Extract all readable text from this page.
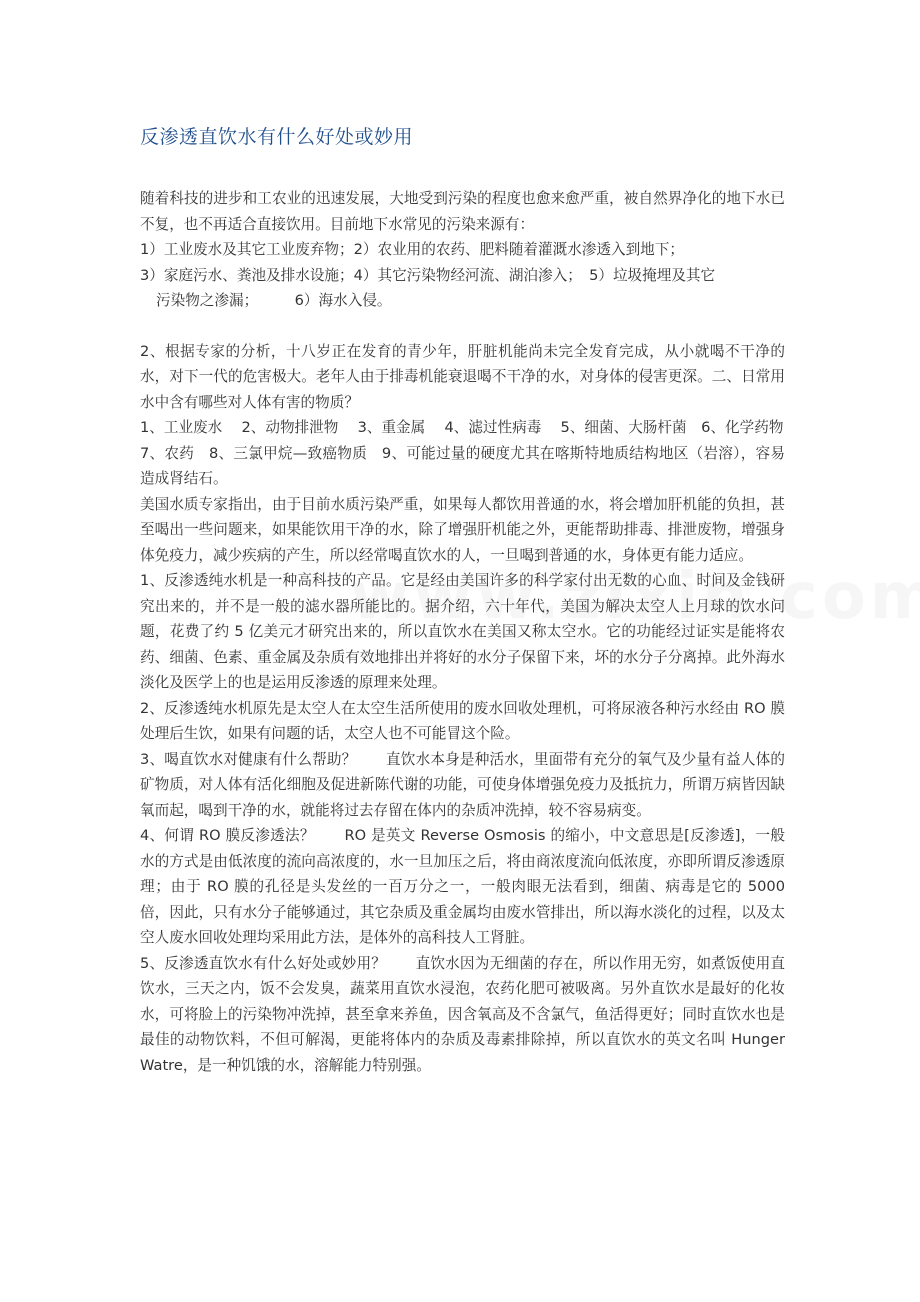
反渗透直饮水有什么好处或妙用

随着科技的进步和工农业的迅速发展，大地受到污染的程度也愈来愈严重，被自然界净化的地下水已不复，也不再适合直接饮用。目前地下水常见的污染来源有：

1）工业废水及其它工业废弃物；2）农业用的农药、肥料随着灌溉水渗透入到地下；

3）家庭污水、粪池及排水设施；4）其它污染物经河流、湖泊渗入；　5）垃圾掩埋及其它

污染物之渗漏；　　　6）海水入侵。

2、根据专家的分析，十八岁正在发育的青少年，肝脏机能尚未完全发育完成，从小就喝不干净的水，对下一代的危害极大。老年人由于排毒机能衰退喝不干净的水，对身体的侵害更深。二、日常用水中含有哪些对人体有害的物质？

1、工业废水　 2、动物排泄物　 3、重金属　 4、滤过性病毒　 5、细菌、大肠杆菌　6、化学药物

7、农药　8、三氯甲烷—致癌物质　9、可能过量的硬度尤其在喀斯特地质结构地区（岩溶），容易造成肾结石。

美国水质专家指出，由于目前水质污染严重，如果每人都饮用普通的水，将会增加肝机能的负担，甚至喝出一些问题来，如果能饮用干净的水，除了增强肝机能之外，更能帮助排毒、排泄废物，增强身体免疫力，减少疾病的产生，所以经常喝直饮水的人，一旦喝到普通的水，身体更有能力适应。

1、反渗透纯水机是一种高科技的产品。它是经由美国许多的科学家付出无数的心血、时间及金钱研究出来的，并不是一般的滤水器所能比的。据介绍，六十年代，美国为解决太空人上月球的饮水问题，花费了约 5 亿美元才研究出来的，所以直饮水在美国又称太空水。它的功能经过证实是能将农药、细菌、色素、重金属及杂质有效地排出并将好的水分子保留下来，坏的水分子分离掉。此外海水淡化及医学上的也是运用反渗透的原理来处理。

2、反渗透纯水机原先是太空人在太空生活所使用的废水回收处理机，可将尿液各种污水经由 RO 膜处理后生饮，如果有问题的话，太空人也不可能冒这个险。

3、喝直饮水对健康有什么帮助？　　直饮水本身是种活水，里面带有充分的氧气及少量有益人体的矿物质，对人体有活化细胞及促进新陈代谢的功能，可使身体增强免疫力及抵抗力，所谓万病皆因缺氧而起，喝到干净的水，就能将过去存留在体内的杂质冲洗掉，较不容易病变。

4、何谓 RO 膜反渗透法？　　RO 是英文 Reverse Osmosis 的缩小，中文意思是[反渗透]，一般水的方式是由低浓度的流向高浓度的，水一旦加压之后，将由商浓度流向低浓度，亦即所谓反渗透原理；由于 RO 膜的孔径是头发丝的一百万分之一，一般肉眼无法看到，细菌、病毒是它的 5000 倍，因此，只有水分子能够通过，其它杂质及重金属均由废水管排出，所以海水淡化的过程，以及太空人废水回收处理均采用此方法，是体外的高科技人工肾脏。

5、反渗透直饮水有什么好处或妙用？　　直饮水因为无细菌的存在，所以作用无穷，如煮饭使用直饮水，三天之内，饭不会发臭，蔬菜用直饮水浸泡，农药化肥可被吸离。另外直饮水是最好的化妆水，可将脸上的污染物冲洗掉，甚至拿来养鱼，因含氧高及不含氯气，鱼活得更好；同时直饮水也是最佳的动物饮料，不但可解渴，更能将体内的杂质及毒素排除掉，所以直饮水的英文名叫 Hunger Watre，是一种饥饿的水，溶解能力特别强。
